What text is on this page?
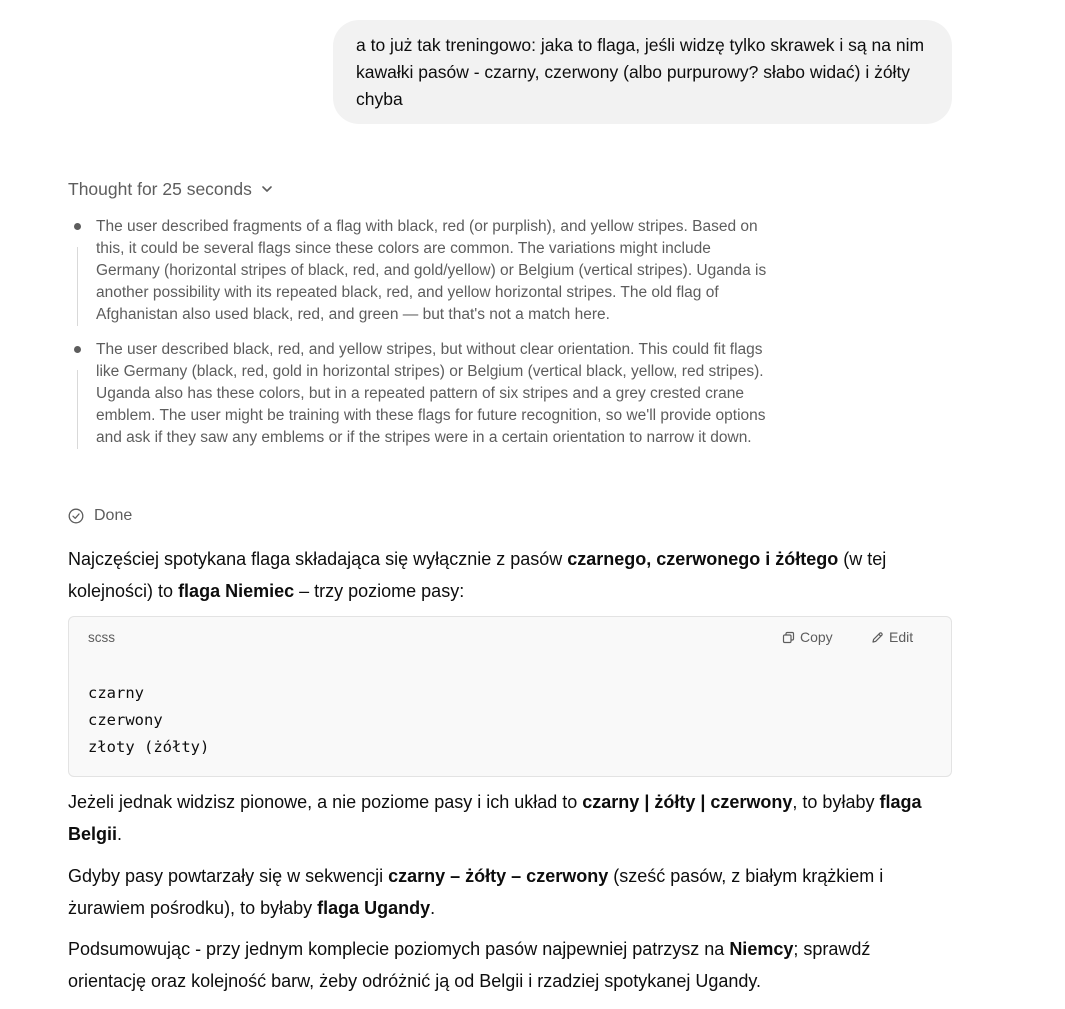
a to już tak treningowo: jaka to flaga, jeśli widzę tylko skrawek i są na nim kawałki pasów - czarny, czerwony (albo purpurowy? słabo widać) i żółty chyba
Thought for 25 seconds
The user described fragments of a flag with black, red (or purplish), and yellow stripes. Based on this, it could be several flags since these colors are common. The variations might include Germany (horizontal stripes of black, red, and gold/yellow) or Belgium (vertical stripes). Uganda is another possibility with its repeated black, red, and yellow horizontal stripes. The old flag of Afghanistan also used black, red, and green — but that's not a match here.
The user described black, red, and yellow stripes, but without clear orientation. This could fit flags like Germany (black, red, gold in horizontal stripes) or Belgium (vertical black, yellow, red stripes). Uganda also has these colors, but in a repeated pattern of six stripes and a grey crested crane emblem. The user might be training with these flags for future recognition, so we'll provide options and ask if they saw any emblems or if the stripes were in a certain orientation to narrow it down.
Done

Najczęściej spotykana flaga składająca się wyłącznie z pasów czarnego, czerwonego i żółtego (w tej kolejności) to flaga Niemiec – trzy poziome pasy:

scss	Copy	Edit
czarny
czerwony
złoty (żółty)

Jeżeli jednak widzisz pionowe, a nie poziome pasy i ich układ to czarny | żółty | czerwony, to byłaby flaga Belgii.

Gdyby pasy powtarzały się w sekwencji czarny – żółty – czerwony (sześć pasów, z białym krążkiem i żurawiem pośrodku), to byłaby flaga Ugandy.

Podsumowując - przy jednym komplecie poziomych pasów najpewniej patrzysz na Niemcy; sprawdź orientację oraz kolejność barw, żeby odróżnić ją od Belgii i rzadziej spotykanej Ugandy.
